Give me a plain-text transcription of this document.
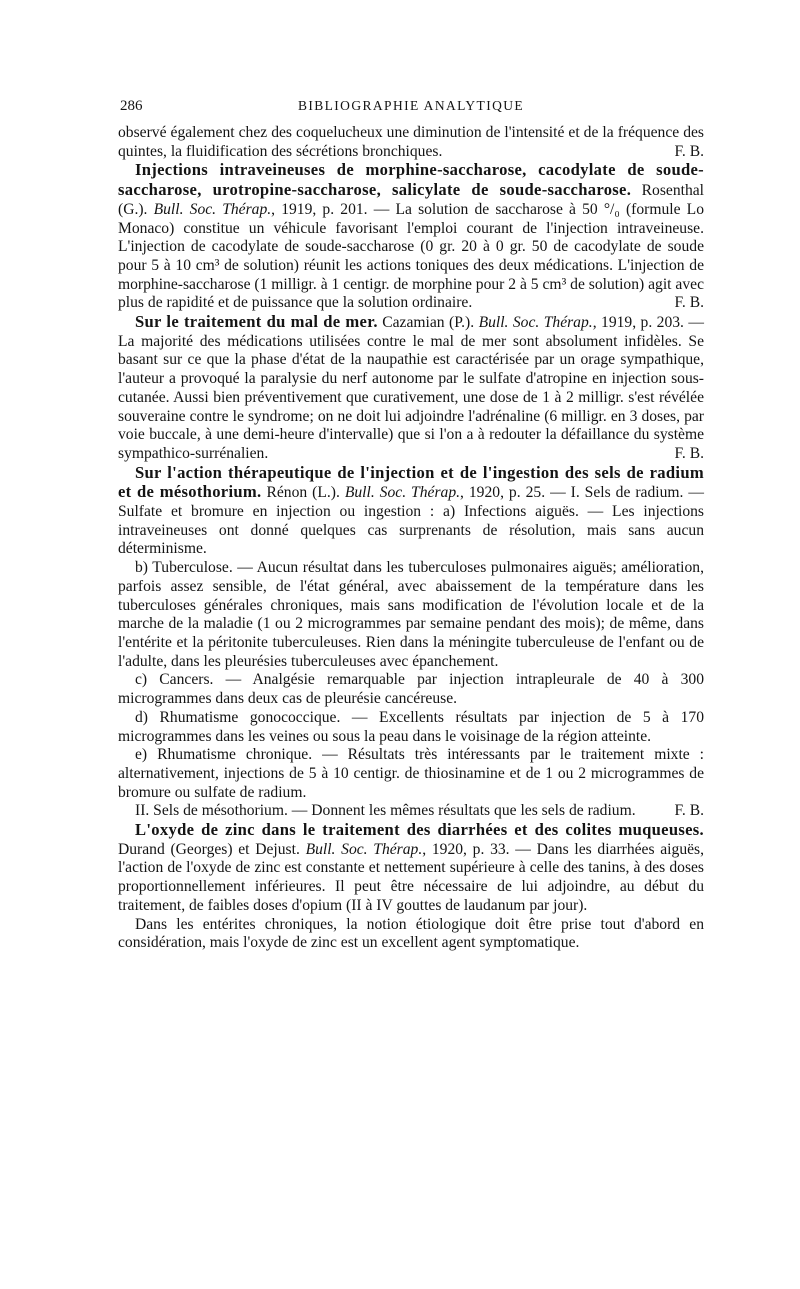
286	BIBLIOGRAPHIE ANALYTIQUE

observé également chez des coquelucheux une diminution de l'intensité et de la fréquence des quintes, la fluidification des sécrétions bronchiques.	F. B.

Injections intraveineuses de morphine-saccharose, cacodylate de soude-saccharose, urotropine-saccharose, salicylate de soude-saccharose. Rosenthal (G.). Bull. Soc. Thérap., 1919, p. 201. — La solution de saccharose à 50 °/₀ (formule Lo Monaco) constitue un véhicule favorisant l'emploi courant de l'injection intraveineuse. L'injection de cacodylate de soude-saccharose (0 gr. 20 à 0 gr. 50 de cacodylate de soude pour 5 à 10 cm³ de solution) réunit les actions toniques des deux médications. L'injection de morphine-saccharose (1 milligr. à 1 centigr. de morphine pour 2 à 5 cm³ de solution) agit avec plus de rapidité et de puissance que la solution ordinaire.	F. B.

Sur le traitement du mal de mer. Cazamian (P.). Bull. Soc. Thérap., 1919, p. 203. — La majorité des médications utilisées contre le mal de mer sont absolument infidèles. Se basant sur ce que la phase d'état de la naupathie est caractérisée par un orage sympathique, l'auteur a provoqué la paralysie du nerf autonome par le sulfate d'atropine en injection sous-cutanée. Aussi bien préventivement que curativement, une dose de 1 à 2 milligr. s'est révélée souveraine contre le syndrome; on ne doit lui adjoindre l'adrénaline (6 milligr. en 3 doses, par voie buccale, à une demi-heure d'intervalle) que si l'on a à redouter la défaillance du système sympathico-surrénalien.	F. B.

Sur l'action thérapeutique de l'injection et de l'ingestion des sels de radium et de mésothorium. Rénon (L.). Bull. Soc. Thérap., 1920, p. 25. — I. Sels de radium. — Sulfate et bromure en injection ou ingestion : a) Infections aiguës. — Les injections intraveineuses ont donné quelques cas surprenants de résolution, mais sans aucun déterminisme.

b) Tuberculose. — Aucun résultat dans les tuberculoses pulmonaires aiguës; amélioration, parfois assez sensible, de l'état général, avec abaissement de la température dans les tuberculoses générales chroniques, mais sans modification de l'évolution locale et de la marche de la maladie (1 ou 2 microgrammes par semaine pendant des mois); de même, dans l'entérite et la péritonite tuberculeuses. Rien dans la méningite tuberculeuse de l'enfant ou de l'adulte, dans les pleurésies tuberculeuses avec épanchement.

c) Cancers. — Analgésie remarquable par injection intrapleurale de 40 à 300 microgrammes dans deux cas de pleurésie cancéreuse.

d) Rhumatisme gonococcique. — Excellents résultats par injection de 5 à 170 microgrammes dans les veines ou sous la peau dans le voisinage de la région atteinte.

e) Rhumatisme chronique. — Résultats très intéressants par le traitement mixte : alternativement, injections de 5 à 10 centigr. de thiosinamine et de 1 ou 2 microgrammes de bromure ou sulfate de radium.

II. Sels de mésothorium. — Donnent les mêmes résultats que les sels de radium.	F. B.

L'oxyde de zinc dans le traitement des diarrhées et des colites muqueuses. Durand (Georges) et Dejust. Bull. Soc. Thérap., 1920, p. 33. — Dans les diarrhées aiguës, l'action de l'oxyde de zinc est constante et nettement supérieure à celle des tanins, à des doses proportionnellement inférieures. Il peut être nécessaire de lui adjoindre, au début du traitement, de faibles doses d'opium (II à IV gouttes de laudanum par jour).

Dans les entérites chroniques, la notion étiologique doit être prise tout d'abord en considération, mais l'oxyde de zinc est un excellent agent symptomatique.
